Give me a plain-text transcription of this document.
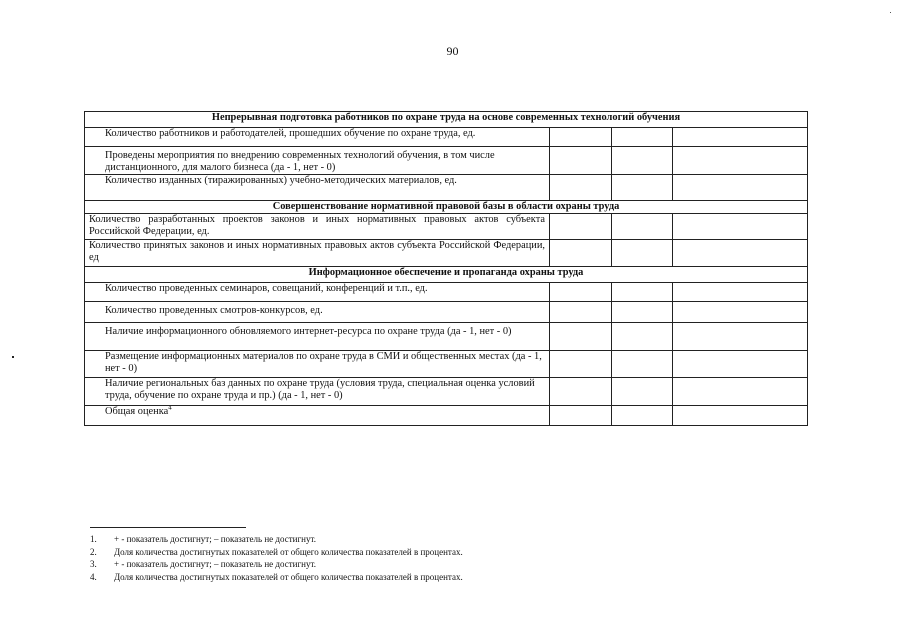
90
Непрерывная подготовка работников по охране труда на основе современных технологий обучения			
Количество работников и работодателей, прошедших обучение по охране труда, ед.			
Проведены мероприятия по внедрению современных технологий обучения, в том числе дистанционного, для малого бизнеса (да - 1, нет - 0)			
Количество изданных (тиражированных) учебно-методических материалов, ед.			
Совершенствование нормативной правовой базы в области охраны труда			
Количество разработанных проектов законов и иных нормативных правовых актов субъекта Российской Федерации, ед.			
Количество принятых законов и иных нормативных правовых актов субъекта Российской Федерации, ед			
Информационное обеспечение и пропаганда охраны труда			
Количество проведенных семинаров, совещаний, конференций и т.п., ед.			
Количество проведенных смотров-конкурсов, ед.			
Наличие информационного обновляемого интернет-ресурса по охране труда (да - 1, нет - 0)			
Размещение информационных материалов по охране труда в СМИ и общественных местах (да - 1, нет - 0)			
Наличие региональных баз данных по охране труда (условия труда, специальная оценка условий труда, обучение по охране труда и пр.) (да - 1, нет - 0)			
Общая оценка$^4$			
1. + - показатель достигнут; – показатель не достигнут.
2. Доля количества достигнутых показателей от общего количества показателей в процентах.
3. + - показатель достигнут; – показатель не достигнут.
4. Доля количества достигнутых показателей от общего количества показателей в процентах.
